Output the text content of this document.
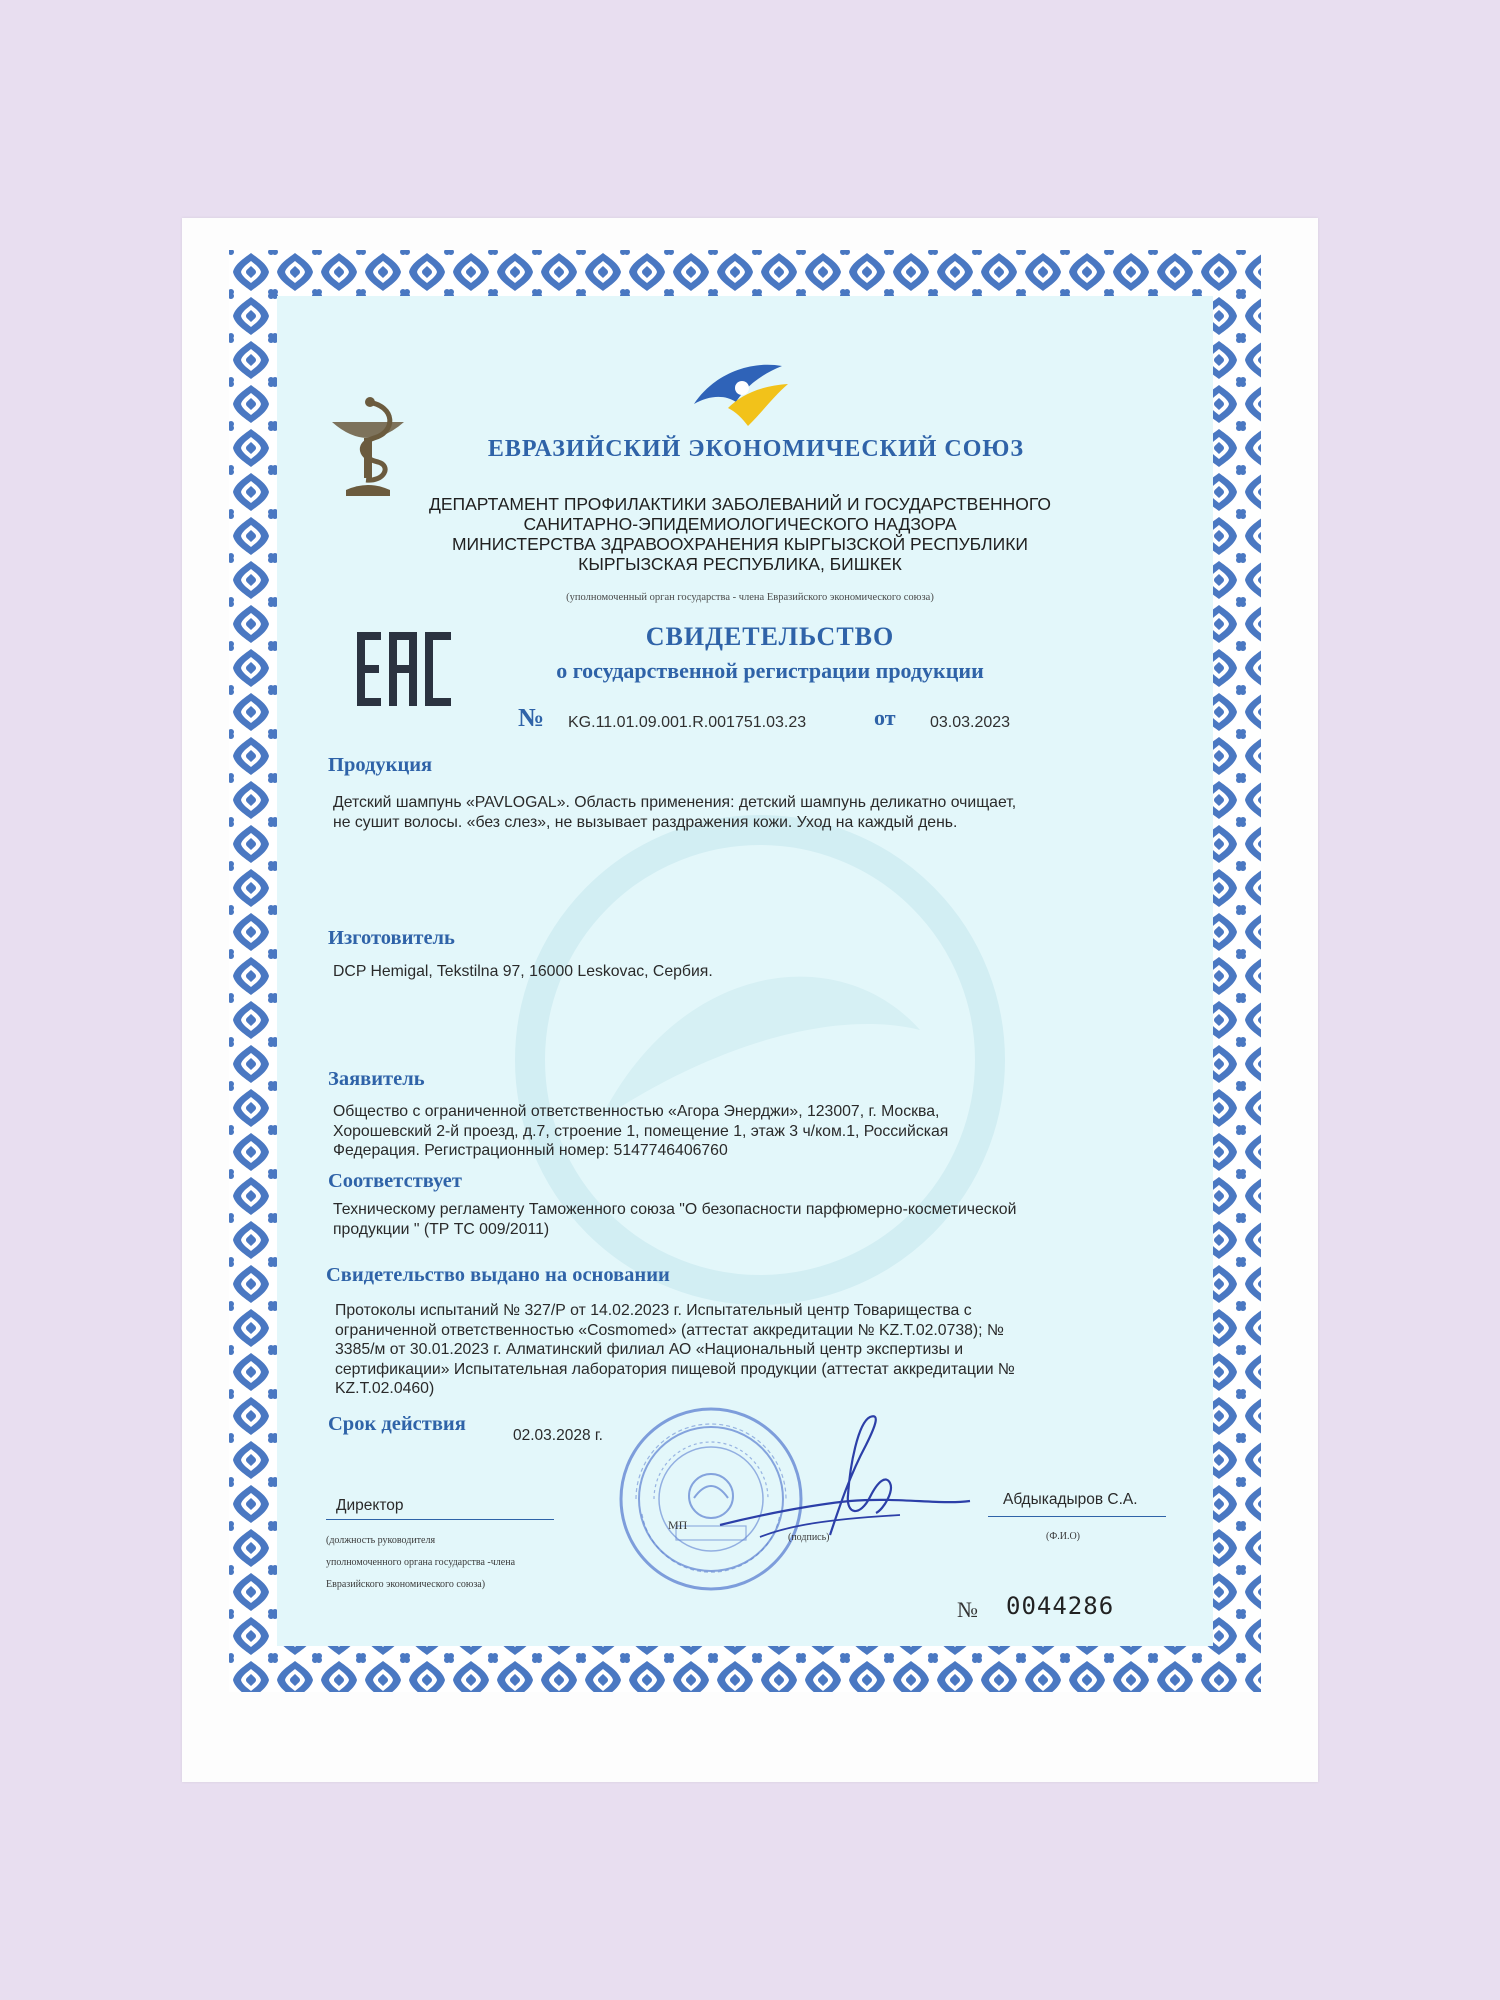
ЕВРАЗИЙСКИЙ ЭКОНОМИЧЕСКИЙ СОЮЗ
ДЕПАРТАМЕНТ ПРОФИЛАКТИКИ ЗАБОЛЕВАНИЙ И ГОСУДАРСТВЕННОГО
САНИТАРНО-ЭПИДЕМИОЛОГИЧЕСКОГО НАДЗОРА
МИНИСТЕРСТВА ЗДРАВООХРАНЕНИЯ КЫРГЫЗСКОЙ РЕСПУБЛИКИ
КЫРГЫЗСКАЯ РЕСПУБЛИКА, БИШКЕК
(уполномоченный орган государства - члена Евразийского экономического союза)
СВИДЕТЕЛЬСТВО
о государственной регистрации продукции
№ KG.11.01.09.001.R.001751.03.23	от 03.03.2023
Продукция
Детский шампунь «PAVLOGAL». Область применения: детский шампунь деликатно очищает,
не сушит волосы. «без слез», не вызывает раздражения кожи. Уход на каждый день.
Изготовитель
DCP Hemigal, Tekstilna 97, 16000 Leskovac, Сербия.
Заявитель
Общество с ограниченной ответственностью «Агора Энерджи», 123007, г. Москва,
Хорошевский 2-й проезд, д.7, строение 1, помещение 1, этаж 3 ч/ком.1, Российская
Федерация. Регистрационный номер: 5147746406760
Соответствует
Техническому регламенту Таможенного союза "О безопасности парфюмерно-косметической
продукции " (ТР ТС 009/2011)
Свидетельство выдано на основании
Протоколы испытаний № 327/Р от 14.02.2023 г. Испытательный центр Товарищества с
ограниченной ответственностью «Cosmomed» (аттестат аккредитации № KZ.T.02.0738); №
3385/м от 30.01.2023 г. Алматинский филиал АО «Национальный центр экспертизы и
сертификации» Испытательная лаборатория пищевой продукции (аттестат аккредитации №
KZ.T.02.0460)
Срок действия
02.03.2028 г.
МП
(подпись)
Директор
(должность руководителя
уполномоченного органа государства -члена
Евразийского экономического союза)
Абдыкадыров С.А.
(Ф.И.О)
№ 0044286
